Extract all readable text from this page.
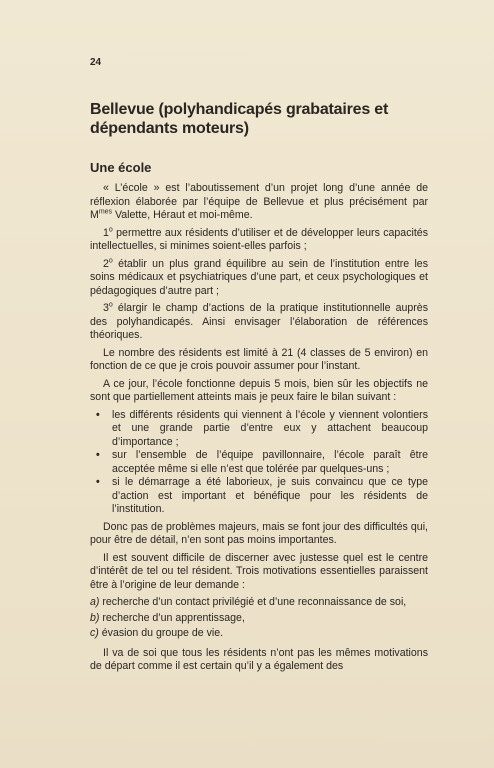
24
Bellevue (polyhandicapés grabataires et dépendants moteurs)
Une école

« L’école » est l’aboutissement d’un projet long d’une année de réflexion élaborée par l’équipe de Bellevue et plus précisément par $M^{mes}$ Valette, Héraut et moi-même.

1$^o$ permettre aux résidents d’utiliser et de développer leurs capacités intellectuelles, si minimes soient-elles parfois ;

2$^o$ établir un plus grand équilibre au sein de l’institution entre les soins médicaux et psychiatriques d’une part, et ceux psychologiques et pédagogiques d’autre part ;

3$^o$ élargir le champ d’actions de la pratique institutionnelle auprès des polyhandicapés. Ainsi envisager l’élaboration de références théoriques.

Le nombre des résidents est limité à 21 (4 classes de 5 environ) en fonction de ce que je crois pouvoir assumer pour l’instant.

A ce jour, l’école fonctionne depuis 5 mois, bien sûr les objectifs ne sont que partiellement atteints mais je peux faire le bilan suivant :

• les différents résidents qui viennent à l’école y viennent volontiers et une grande partie d’entre eux y attachent beaucoup d’importance ;
• sur l’ensemble de l’équipe pavillonnaire, l’école paraît être acceptée même si elle n’est que tolérée par quelques-uns ;
• si le démarrage a été laborieux, je suis convaincu que ce type d’action est important et bénéfique pour les résidents de l’institution.

Donc pas de problèmes majeurs, mais se font jour des difficultés qui, pour être de détail, n’en sont pas moins importantes.

Il est souvent difficile de discerner avec justesse quel est le centre d’intérêt de tel ou tel résident. Trois motivations essentielles paraissent être à l’origine de leur demande :

a) recherche d’un contact privilégié et d’une reconnaissance de soi,

b) recherche d’un apprentissage,

c) évasion du groupe de vie.

Il va de soi que tous les résidents n’ont pas les mêmes motivations de départ comme il est certain qu’il y a également des
